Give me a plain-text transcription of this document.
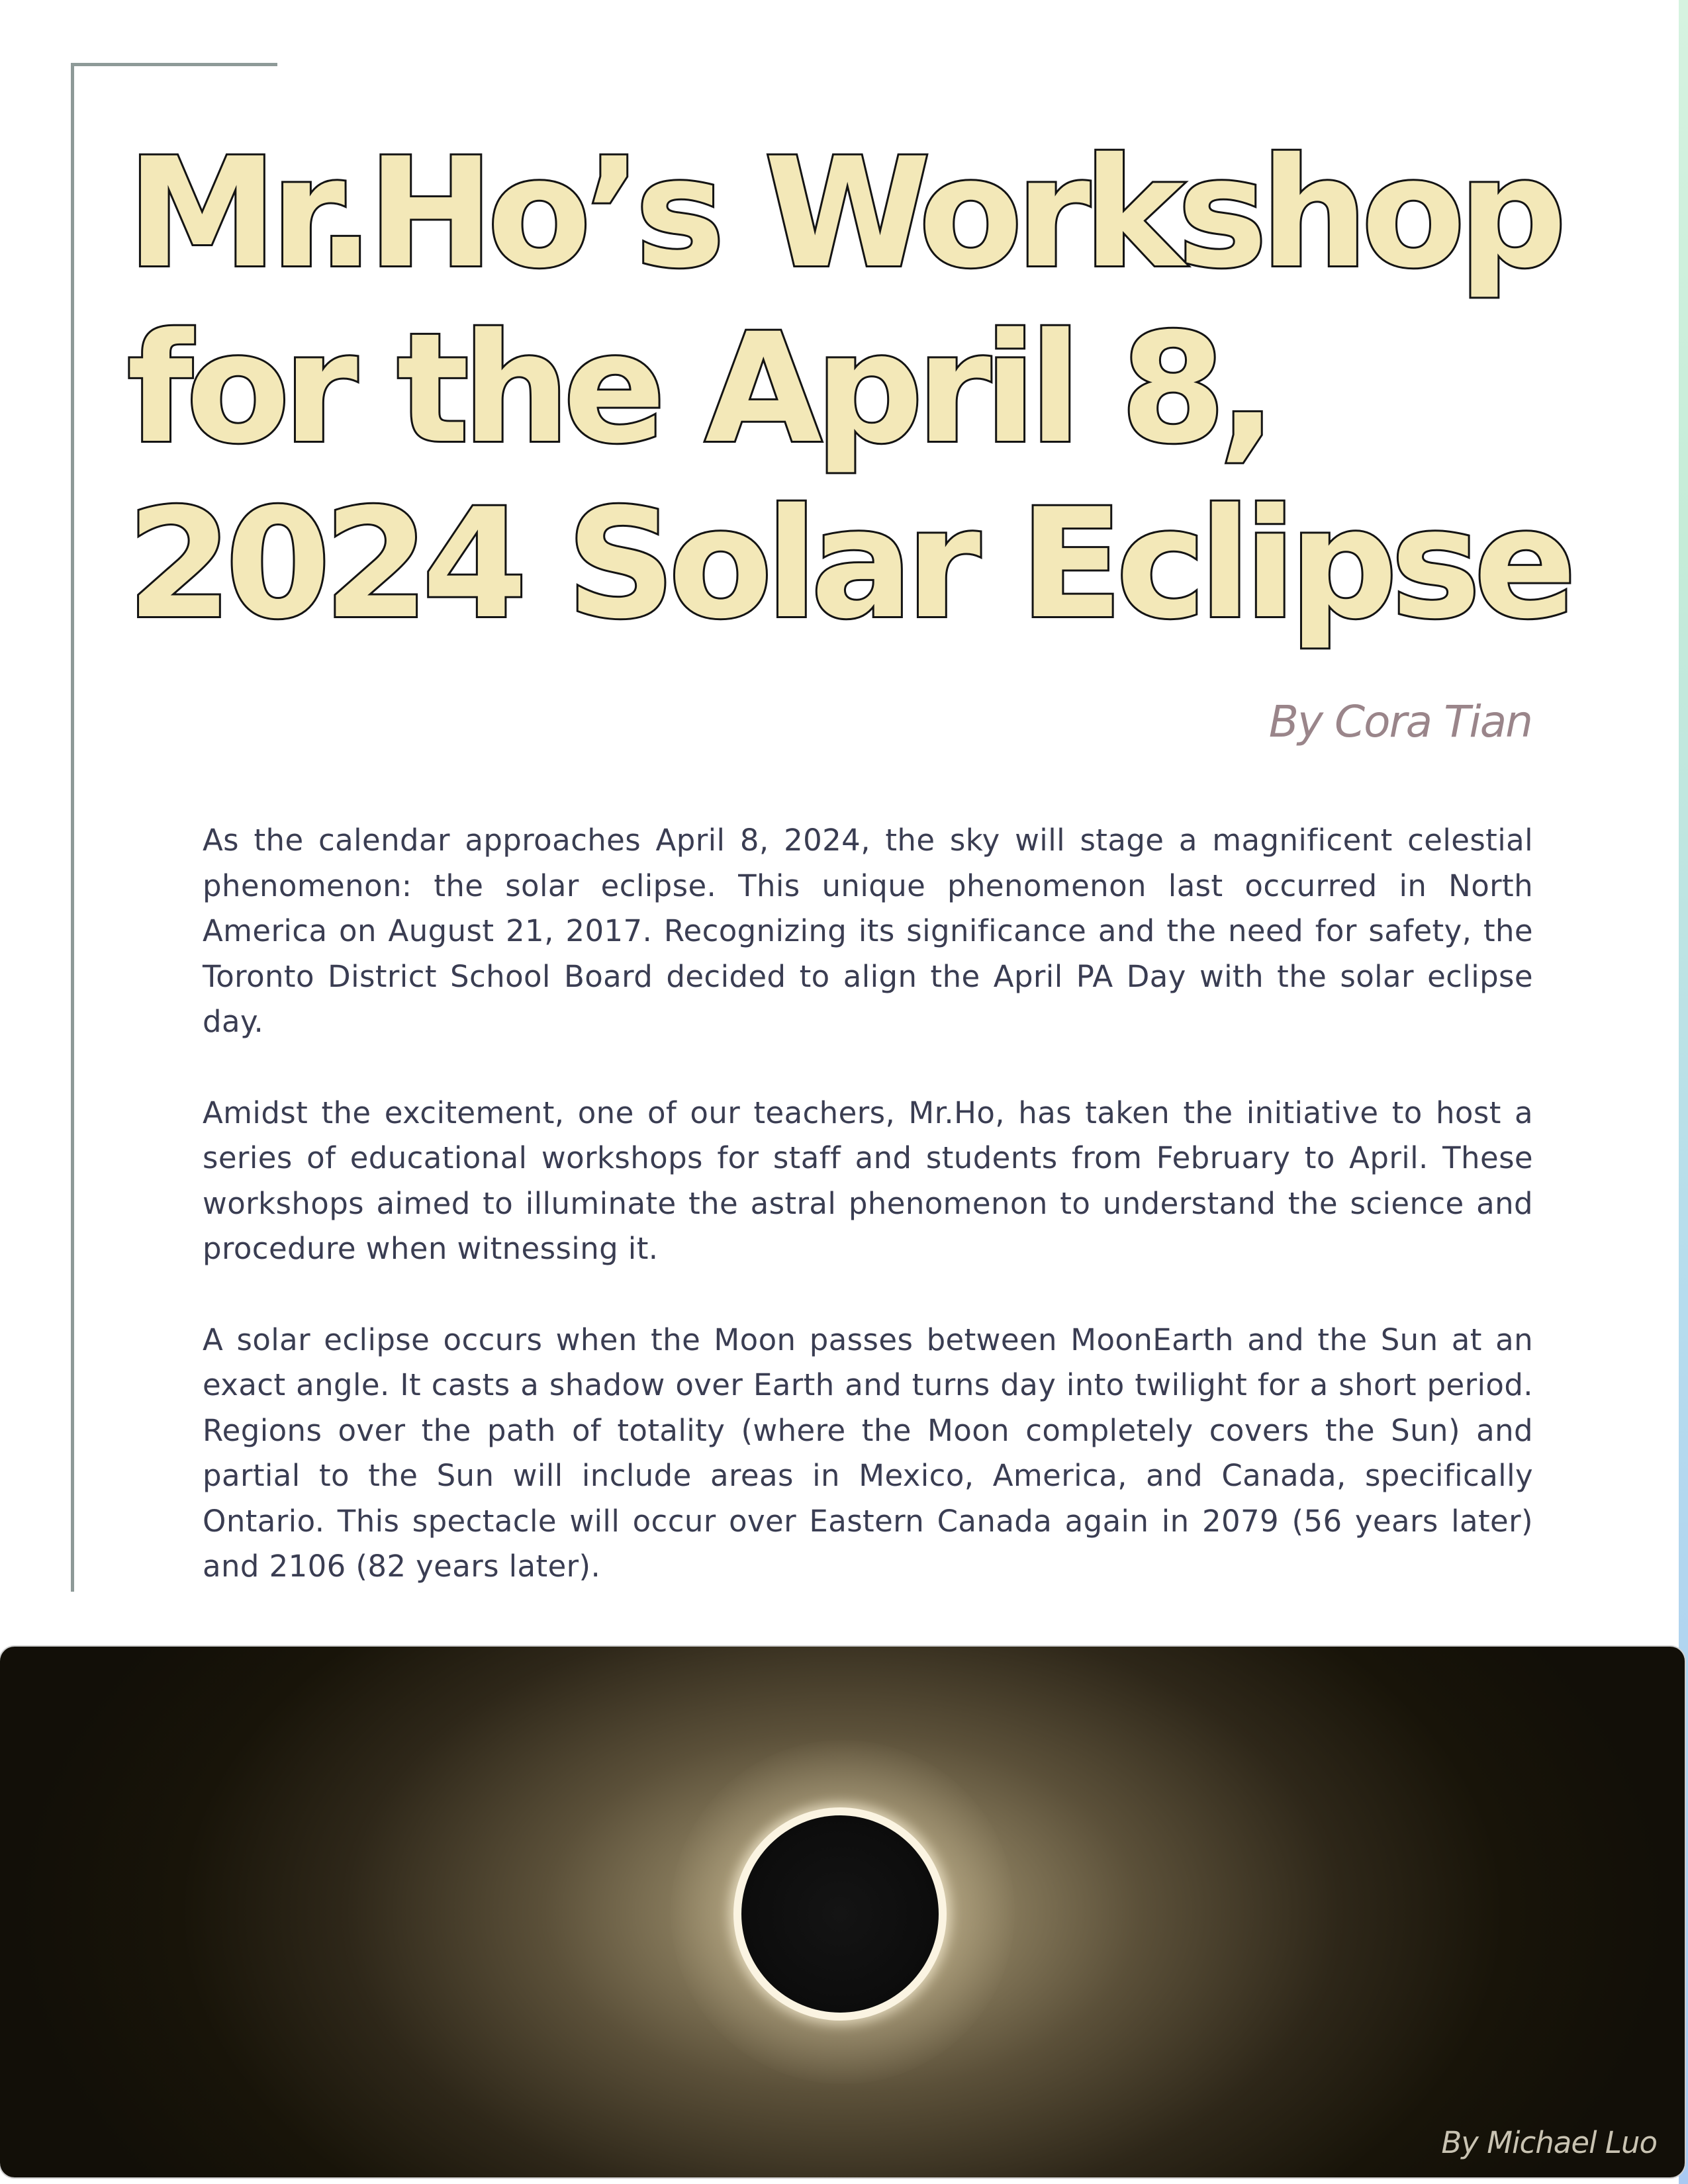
Mr.Ho’s Workshop
for the April 8,
2024 Solar Eclipse
By Cora Tian

As the calendar approaches April 8, 2024, the sky will stage a magnificent celestial phenomenon: the solar eclipse. This unique phenomenon last occurred in North America on August 21, 2017. Recognizing its significance and the need for safety, the Toronto District School Board decided to align the April PA Day with the solar eclipse day.

Amidst the excitement, one of our teachers, Mr.Ho, has taken the initiative to host a series of educational workshops for staff and students from February to April. These workshops aimed to illuminate the astral phenomenon to understand the science and procedure when witnessing it.

A solar eclipse occurs when the Moon passes between MoonEarth and the Sun at an exact angle. It casts a shadow over Earth and turns day into twilight for a short period. Regions over the path of totality (where the Moon completely covers the Sun) and partial to the Sun will include areas in Mexico, America, and Canada, specifically Ontario. This spectacle will occur over Eastern Canada again in 2079 (56 years later) and 2106 (82 years later).

By Michael Luo
